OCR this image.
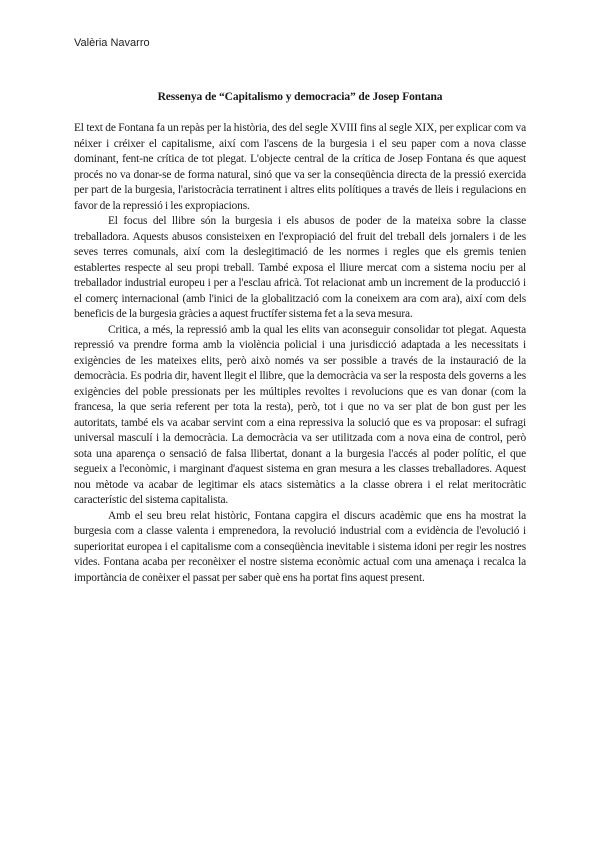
Valèria Navarro
Ressenya de “Capitalismo y democracia” de Josep Fontana

El text de Fontana fa un repàs per la història, des del segle XVIII fins al segle XIX, per explicar com va néixer i créixer el capitalisme, així com l'ascens de la burgesia i el seu paper com a nova classe dominant, fent-ne crítica de tot plegat. L'objecte central de la crítica de Josep Fontana és que aquest procés no va donar-se de forma natural, sinó que va ser la conseqüència directa de la pressió exercida per part de la burgesia, l'aristocràcia terratinent i altres elits polítiques a través de lleis i regulacions en favor de la repressió i les expropiacions.

El focus del llibre són la burgesia i els abusos de poder de la mateixa sobre la classe treballadora. Aquests abusos consisteixen en l'expropiació del fruit del treball dels jornalers i de les seves terres comunals, així com la deslegitimació de les normes i regles que els gremis tenien establertes respecte al seu propi treball. També exposa el lliure mercat com a sistema nociu per al treballador industrial europeu i per a l'esclau africà. Tot relacionat amb un increment de la producció i el comerç internacional (amb l'inici de la globalització com la coneixem ara com ara), així com dels beneficis de la burgesia gràcies a aquest fructífer sistema fet a la seva mesura.

Critica, a més, la repressió amb la qual les elits van aconseguir consolidar tot plegat. Aquesta repressió va prendre forma amb la violència policial i una jurisdicció adaptada a les necessitats i exigències de les mateixes elits, però això només va ser possible a través de la instauració de la democràcia. Es podria dir, havent llegit el llibre, que la democràcia va ser la resposta dels governs a les exigències del poble pressionats per les múltiples revoltes i revolucions que es van donar (com la francesa, la que seria referent per tota la resta), però, tot i que no va ser plat de bon gust per les autoritats, també els va acabar servint com a eina repressiva la solució que es va proposar: el sufragi universal masculí i la democràcia. La democràcia va ser utilitzada com a nova eina de control, però sota una aparença o sensació de falsa llibertat, donant a la burgesia l'accés al poder polític, el que segueix a l'econòmic, i marginant d'aquest sistema en gran mesura a les classes treballadores. Aquest nou mètode va acabar de legitimar els atacs sistemàtics a la classe obrera i el relat meritocràtic característic del sistema capitalista.

Amb el seu breu relat històric, Fontana capgira el discurs acadèmic que ens ha mostrat la burgesia com a classe valenta i emprenedora, la revolució industrial com a evidència de l'evolució i superioritat europea i el capitalisme com a conseqüència inevitable i sistema idoni per regir les nostres vides. Fontana acaba per reconèixer el nostre sistema econòmic actual com una amenaça i recalca la importància de conèixer el passat per saber què ens ha portat fins aquest present.
